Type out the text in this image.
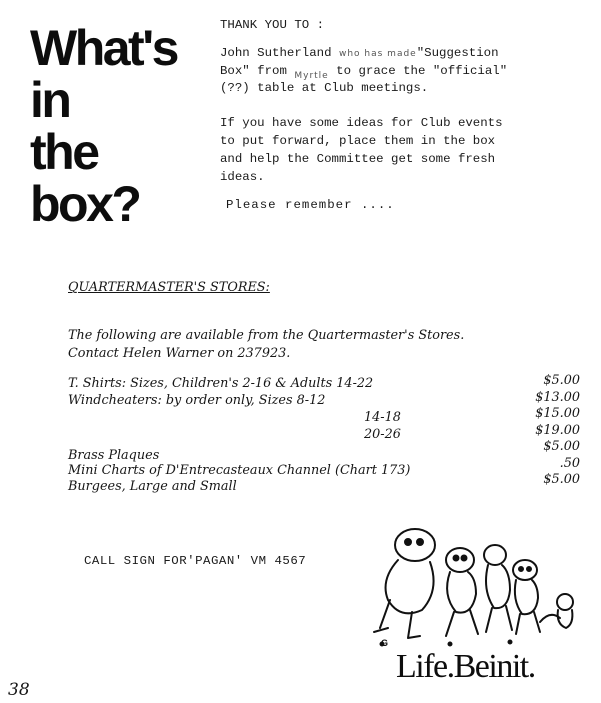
What's
in
the
box?
THANK YOU TO :
John Sutherland who has made"Suggestion
Box" from $_{Myrtle}$ to grace the "official"
(??) table at Club meetings.
If you have some ideas for Club events
to put forward, place them in the box
and help the Committee get some fresh
ideas.
Please remember ....
QUARTERMASTER'S STORES:
The following are available from the Quartermaster's Stores.
Contact Helen Warner on 237923.
T. Shirts: Sizes, Children's 2-16 & Adults 14-22
Windcheaters: by order only, Sizes 8-12
14-18
20-26
Brass Plaques
Mini Charts of D'Entrecasteaux Channel (Chart 173)
Burgees, Large and Small
$5.00
$13.00
$15.00
$19.00
$5.00
.50
$5.00
CALL SIGN FOR'PAGAN' VM 4567
G
Life.Beinit.
38
